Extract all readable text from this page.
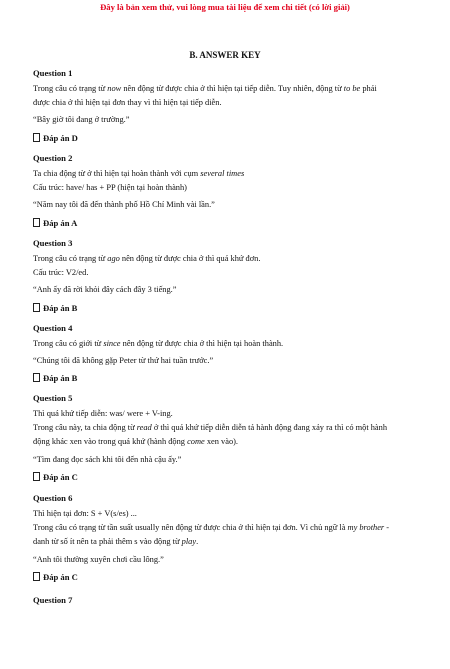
Đây là bản xem thử, vui lòng mua tài liệu để xem chi tiết (có lời giải)
B. ANSWER KEY

Question 1

Trong câu có trạng từ now nên động từ được chia ở thì hiện tại tiếp diễn. Tuy nhiên, động từ to be phải

được chia ở thì hiện tại đơn thay vì thì hiện tại tiếp diễn.

“Bây giờ tôi đang ở trường.”

Đáp án D

Question 2

Ta chia động từ ở thì hiện tại hoàn thành với cụm several times

Cấu trúc: have/ has + PP (hiện tại hoàn thành)

“Năm nay tôi đã đến thành phố Hồ Chí Minh vài lần.”

Đáp án A

Question 3

Trong câu có trạng từ ago nên động từ được chia ở thì quá khứ đơn.

Cấu trúc: V2/ed.

“Anh ấy đã rời khỏi đây cách đây 3 tiếng.”

Đáp án B

Question 4

Trong câu có giới từ since nên động từ được chia ở thì hiện tại hoàn thành.

“Chúng tôi đã không gặp Peter từ thứ hai tuần trước.”

Đáp án B

Question 5

Thì quá khứ tiếp diễn: was/ were + V-ing.

Trong câu này, ta chia động từ read ở thì quá khứ tiếp diễn diễn tả hành động đang xảy ra thì có một hành

động khác xen vào trong quá khứ (hành động come xen vào).

“Tìm đang đọc sách khi tôi đến nhà cậu ấy.”

Đáp án C

Question 6

Thì hiện tại đơn: S + V(s/es) ...

Trong câu có trạng từ tần suất usually nên động từ được chia ở thì hiện tại đơn. Vì chủ ngữ là my brother -

danh từ số ít nên ta phải thêm s vào động từ play.

“Anh tôi thường xuyên chơi cầu lông.”

Đáp án C

Question 7
